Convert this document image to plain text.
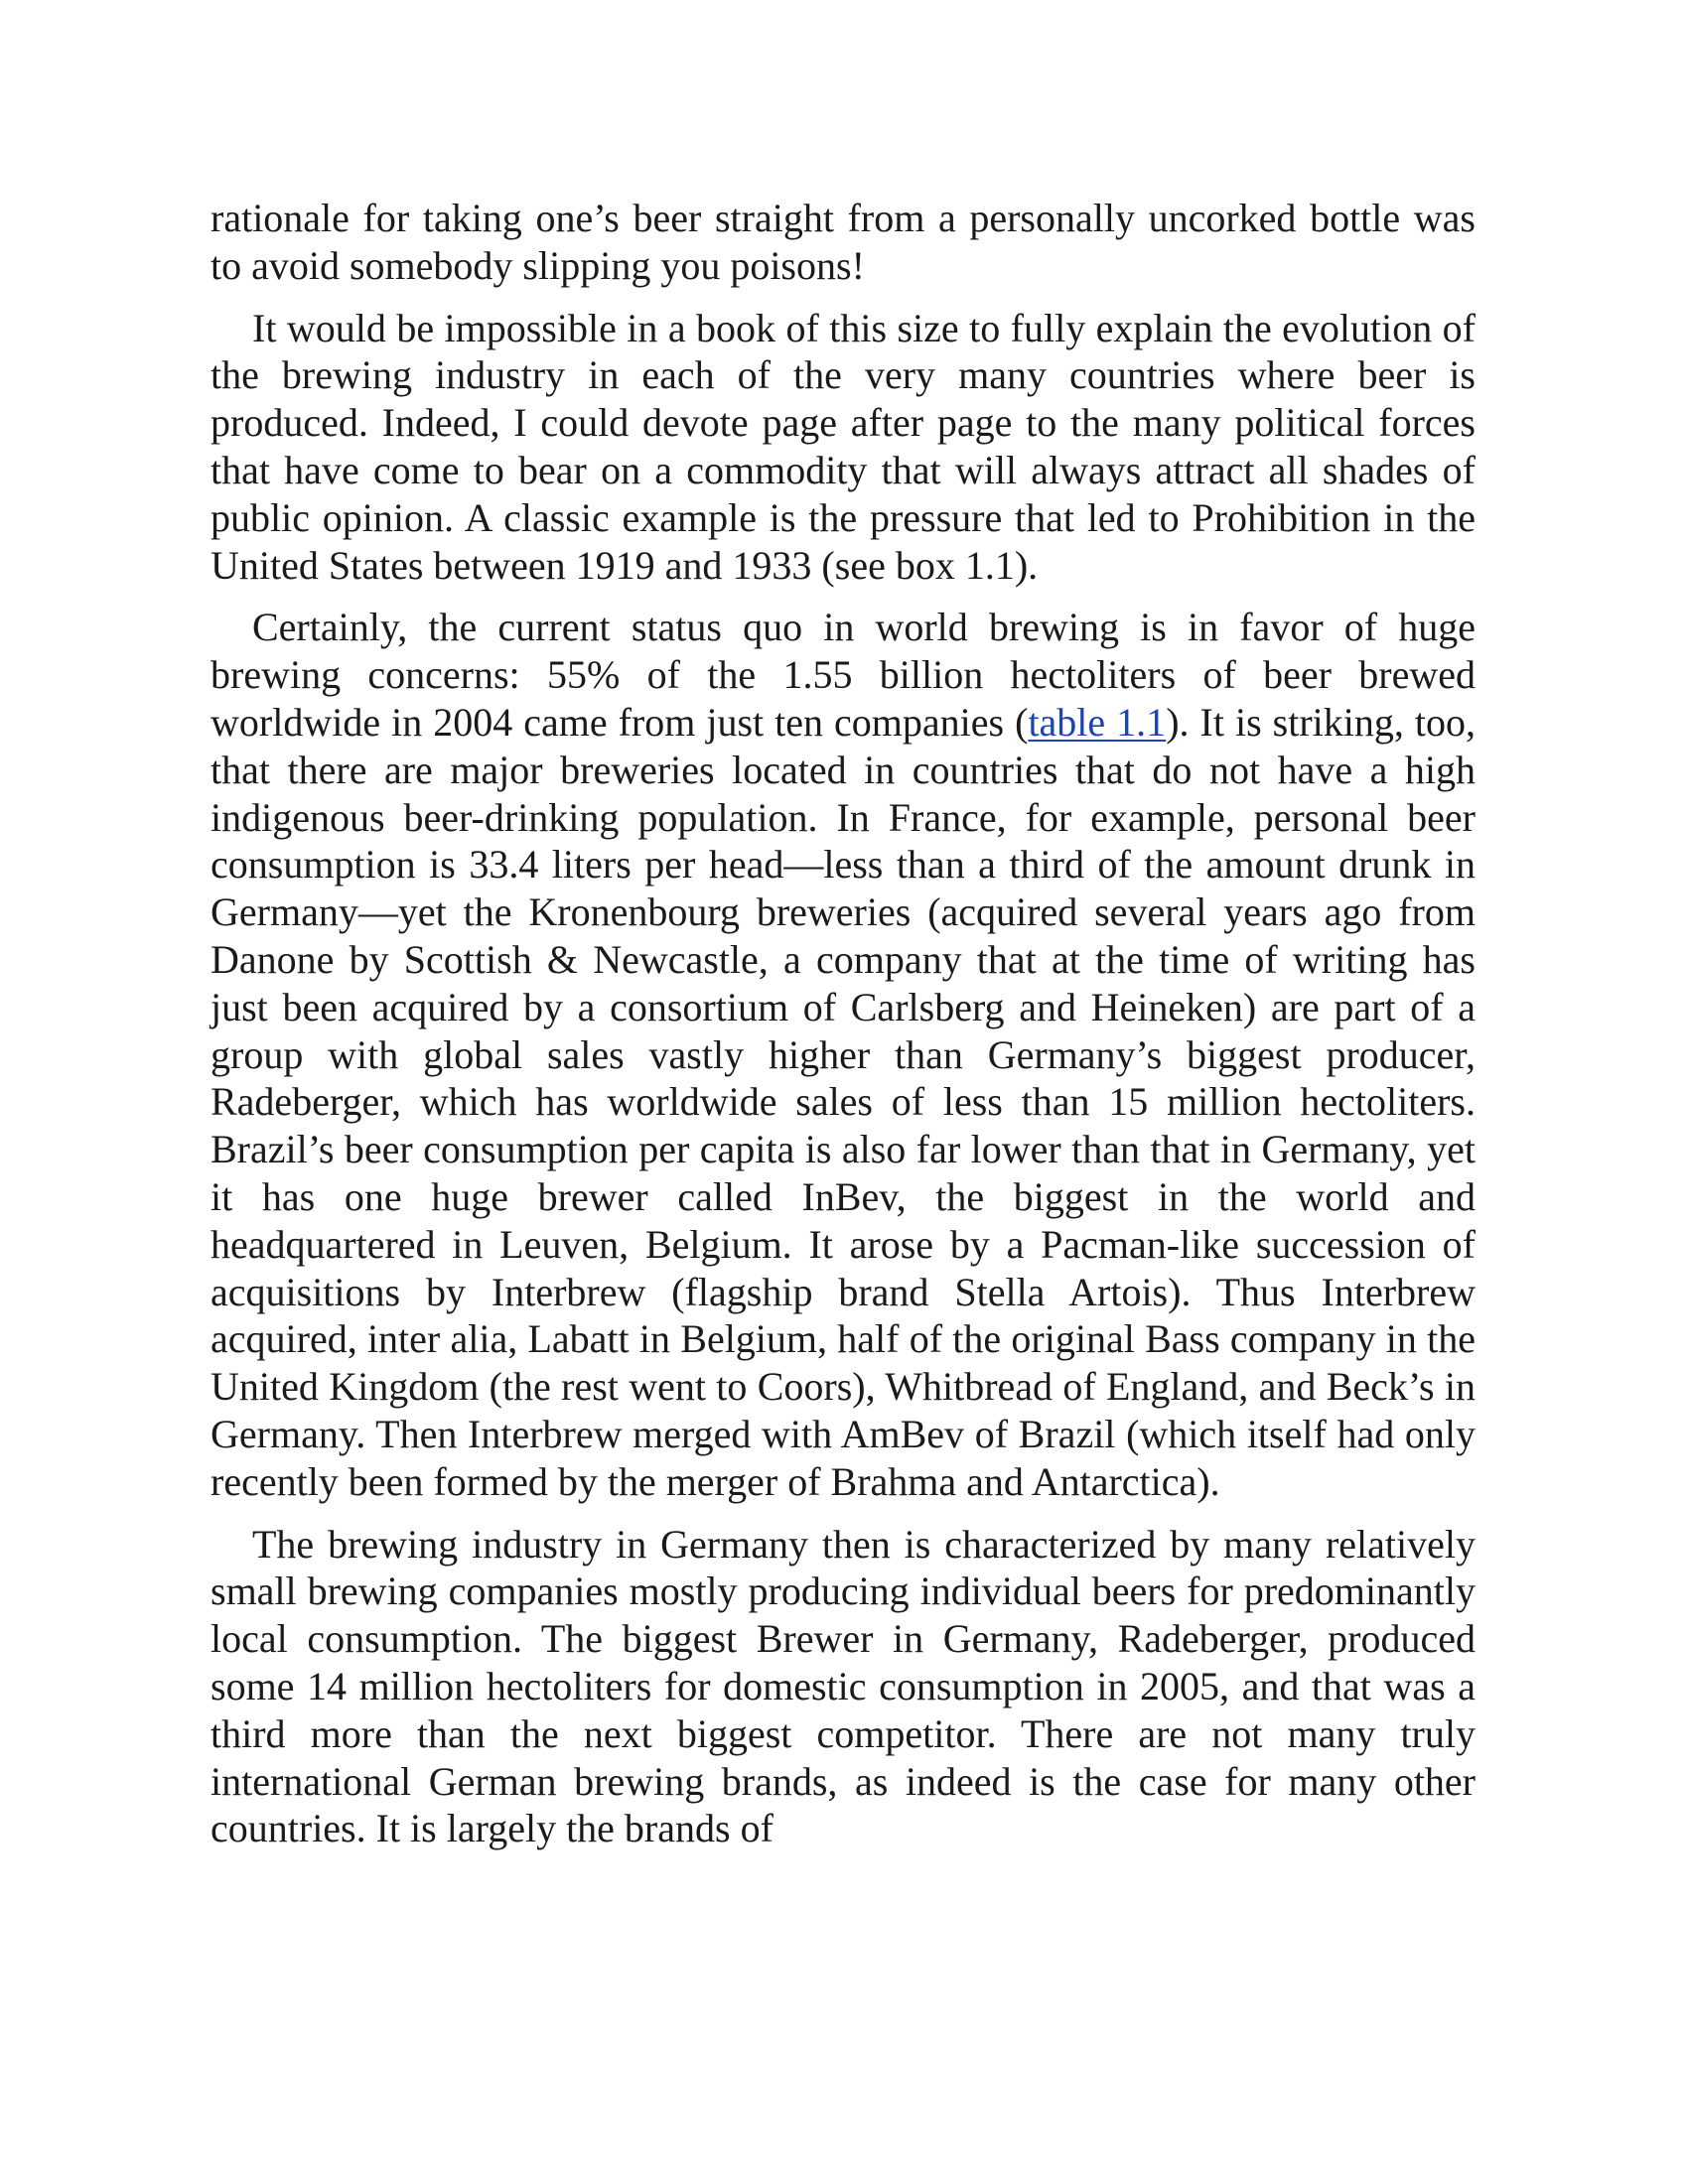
rationale for taking one’s beer straight from a personally uncorked bottle was to avoid somebody slipping you poisons!

It would be impossible in a book of this size to fully explain the evolution of the brewing industry in each of the very many countries where beer is produced. Indeed, I could devote page after page to the many political forces that have come to bear on a commodity that will always attract all shades of public opinion. A classic example is the pressure that led to Prohibition in the United States between 1919 and 1933 (see box 1.1).

Certainly, the current status quo in world brewing is in favor of huge brewing concerns: 55% of the 1.55 billion hectoliters of beer brewed worldwide in 2004 came from just ten companies (table 1.1). It is striking, too, that there are major breweries located in countries that do not have a high indigenous beer-drinking population. In France, for example, personal beer consumption is 33.4 liters per head—less than a third of the amount drunk in Germany—yet the Kronenbourg breweries (acquired several years ago from Danone by Scottish & Newcastle, a company that at the time of writing has just been acquired by a consortium of Carlsberg and Heineken) are part of a group with global sales vastly higher than Germany’s biggest producer, Radeberger, which has worldwide sales of less than 15 million hectoliters. Brazil’s beer consumption per capita is also far lower than that in Germany, yet it has one huge brewer called InBev, the biggest in the world and headquartered in Leuven, Belgium. It arose by a Pacman-like succession of acquisitions by Interbrew (flagship brand Stella Artois). Thus Interbrew acquired, inter alia, Labatt in Belgium, half of the original Bass company in the United Kingdom (the rest went to Coors), Whitbread of England, and Beck’s in Germany. Then Interbrew merged with AmBev of Brazil (which itself had only recently been formed by the merger of Brahma and Antarctica).

The brewing industry in Germany then is characterized by many relatively small brewing companies mostly producing individual beers for predominantly local consumption. The biggest Brewer in Germany, Radeberger, produced some 14 million hectoliters for domestic consumption in 2005, and that was a third more than the next biggest competitor. There are not many truly international German brewing brands, as indeed is the case for many other countries. It is largely the brands of
